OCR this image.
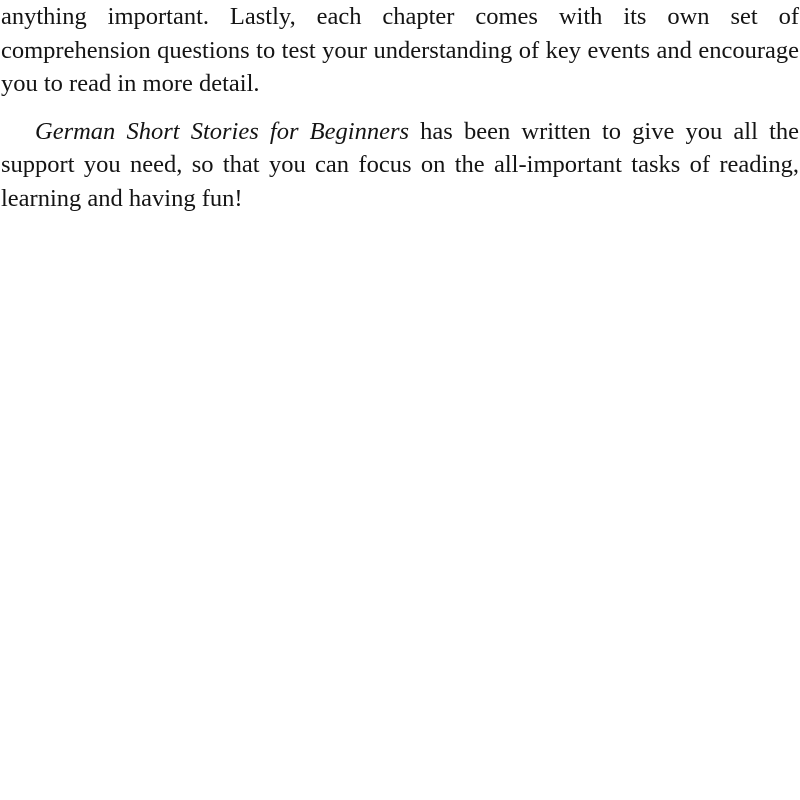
anything important. Lastly, each chapter comes with its own set of comprehension questions to test your understanding of key events and encourage you to read in more detail.

German Short Stories for Beginners has been written to give you all the support you need, so that you can focus on the all-important tasks of reading, learning and having fun!
